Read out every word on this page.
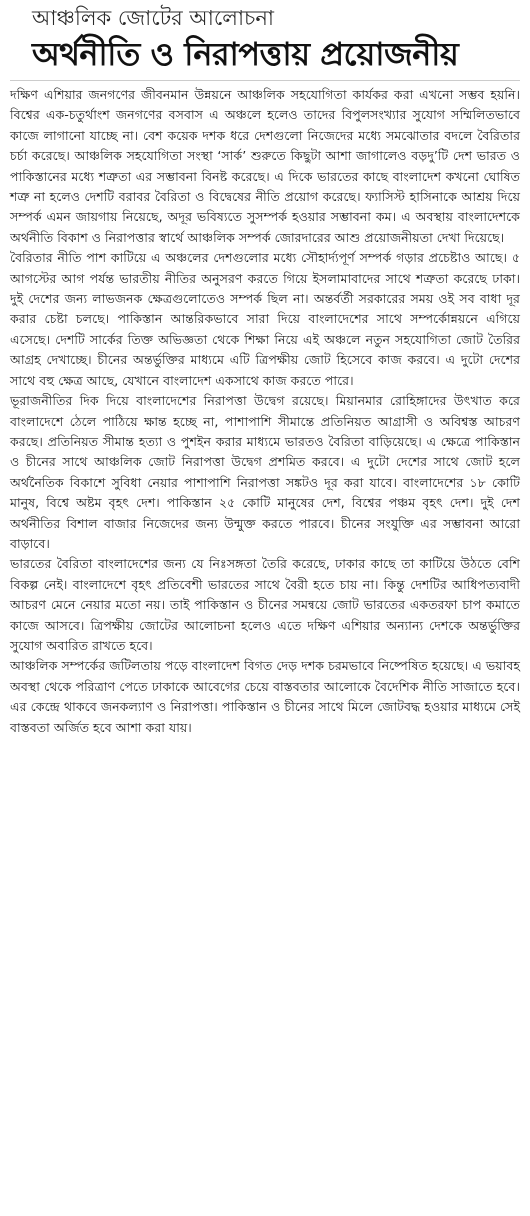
আঞ্চলিক জোটের আলোচনা
অর্থনীতি ও নিরাপত্তায় প্রয়োজনীয়

দক্ষিণ এশিয়ার জনগণের জীবনমান উন্নয়নে আঞ্চলিক সহযোগিতা কার্যকর করা এখনো সম্ভব হয়নি। বিশ্বের এক-চতুর্থাংশ জনগণের বসবাস এ অঞ্চলে হলেও তাদের বিপুলসংখ্যার সুযোগ সম্মিলিতভাবে কাজে লাগানো যাচ্ছে না। বেশ কয়েক দশক ধরে দেশগুলো নিজেদের মধ্যে সমঝোতার বদলে বৈরিতার চর্চা করেছে। আঞ্চলিক সহযোগিতা সংস্থা ‘সার্ক’ শুরুতে কিছুটা আশা জাগালেও বড়দু’টি দেশ ভারত ও পাকিস্তানের মধ্যে শত্রুতা এর সম্ভাবনা বিনষ্ট করেছে। এ দিকে ভারতের কাছে বাংলাদেশ কখনো ঘোষিত শত্রু না হলেও দেশটি বরাবর বৈরিতা ও বিদ্বেষের নীতি প্রয়োগ করেছে। ফ্যাসিস্ট হাসিনাকে আশ্রয় দিয়ে সম্পর্ক এমন জায়গায় নিয়েছে, অদূর ভবিষ্যতে সুসম্পর্ক হওয়ার সম্ভাবনা কম। এ অবস্থায় বাংলাদেশকে অর্থনীতি বিকাশ ও নিরাপত্তার স্বার্থে আঞ্চলিক সম্পর্ক জোরদারের আশু প্রয়োজনীয়তা দেখা দিয়েছে।

বৈরিতার নীতি পাশ কাটিয়ে এ অঞ্চলের দেশগুলোর মধ্যে সৌহার্দ্যপূর্ণ সম্পর্ক গড়ার প্রচেষ্টাও আছে। ৫ আগস্টের আগ পর্যন্ত ভারতীয় নীতির অনুসরণ করতে গিয়ে ইসলামাবাদের সাথে শত্রুতা করেছে ঢাকা। দুই দেশের জন্য লাভজনক ক্ষেত্রগুলোতেও সম্পর্ক ছিল না। অন্তর্বর্তী সরকারের সময় ওই সব বাধা দূর করার চেষ্টা চলছে। পাকিস্তান আন্তরিকভাবে সারা দিয়ে বাংলাদেশের সাথে সম্পর্কোন্নয়নে এগিয়ে এসেছে। দেশটি সার্কের তিক্ত অভিজ্ঞতা থেকে শিক্ষা নিয়ে এই অঞ্চলে নতুন সহযোগিতা জোট তৈরির আগ্রহ দেখাচ্ছে। চীনের অন্তর্ভুক্তির মাধ্যমে এটি ত্রিপক্ষীয় জোট হিসেবে কাজ করবে। এ দুটো দেশের সাথে বহু ক্ষেত্র আছে, যেখানে বাংলাদেশ একসাথে কাজ করতে পারে।

ভূরাজনীতির দিক দিয়ে বাংলাদেশের নিরাপত্তা উদ্বেগ রয়েছে। মিয়ানমার রোহিঙ্গাদের উৎখাত করে বাংলাদেশে ঠেলে পাঠিয়ে ক্ষান্ত হচ্ছে না, পাশাপাশি সীমান্তে প্রতিনিয়ত আগ্রাসী ও অবিশ্বস্ত আচরণ করছে। প্রতিনিয়ত সীমান্ত হত্যা ও পুশইন করার মাধ্যমে ভারতও বৈরিতা বাড়িয়েছে। এ ক্ষেত্রে পাকিস্তান ও চীনের সাথে আঞ্চলিক জোট নিরাপত্তা উদ্বেগ প্রশমিত করবে। এ দুটো দেশের সাথে জোট হলে অর্থনৈতিক বিকাশে সুবিধা নেয়ার পাশাপাশি নিরাপত্তা সঙ্কটও দূর করা যাবে। বাংলাদেশের ১৮ কোটি মানুষ, বিশ্বে অষ্টম বৃহৎ দেশ। পাকিস্তান ২৫ কোটি মানুষের দেশ, বিশ্বের পঞ্চম বৃহৎ দেশ। দুই দেশ অর্থনীতির বিশাল বাজার নিজেদের জন্য উন্মুক্ত করতে পারবে। চীনের সংযুক্তি এর সম্ভাবনা আরো বাড়াবে।

ভারতের বৈরিতা বাংলাদেশের জন্য যে নিঃসঙ্গতা তৈরি করেছে, ঢাকার কাছে তা কাটিয়ে উঠতে বেশি বিকল্প নেই। বাংলাদেশে বৃহৎ প্রতিবেশী ভারতের সাথে বৈরী হতে চায় না। কিন্তু দেশটির আধিপত্যবাদী আচরণ মেনে নেয়ার মতো নয়। তাই পাকিস্তান ও চীনের সমন্বয়ে জোট ভারতের একতরফা চাপ কমাতে কাজে আসবে। ত্রিপক্ষীয় জোটের আলোচনা হলেও এতে দক্ষিণ এশিয়ার অন্যান্য দেশকে অন্তর্ভুক্তির সুযোগ অবারিত রাখতে হবে।

আঞ্চলিক সম্পর্কের জটিলতায় পড়ে বাংলাদেশ বিগত দেড় দশক চরমভাবে নিষ্পেষিত হয়েছে। এ ভয়াবহ অবস্থা থেকে পরিত্রাণ পেতে ঢাকাকে আবেগের চেয়ে বাস্তবতার আলোকে বৈদেশিক নীতি সাজাতে হবে। এর কেন্দ্রে থাকবে জনকল্যাণ ও নিরাপত্তা। পাকিস্তান ও চীনের সাথে মিলে জোটবদ্ধ হওয়ার মাধ্যমে সেই বাস্তবতা অর্জিত হবে আশা করা যায়।
